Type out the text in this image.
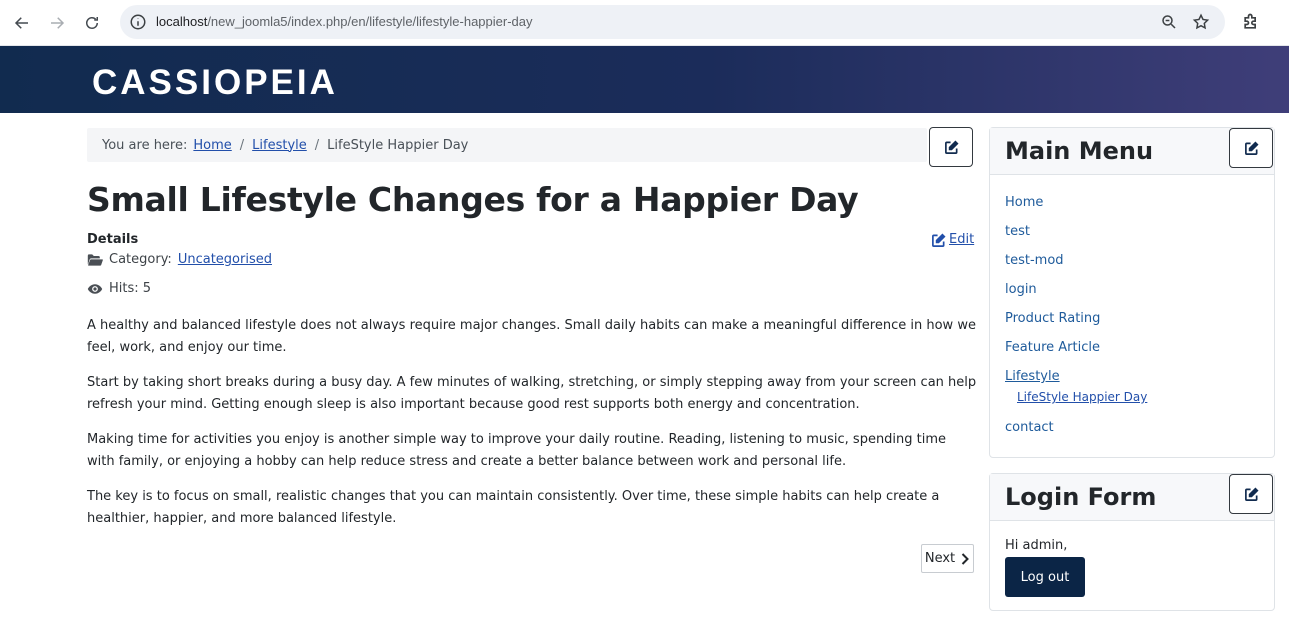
localhost/new_joomla5/index.php/en/lifestyle/lifestyle-happier-day
CASSIOPEIA
You are here: Home / Lifestyle / LifeStyle Happier Day
Small Lifestyle Changes for a Happier Day
Details	Edit
Category: Uncategorised
Hits: 5

A healthy and balanced lifestyle does not always require major changes. Small daily habits can make a meaningful difference in how we feel, work, and enjoy our time.

Start by taking short breaks during a busy day. A few minutes of walking, stretching, or simply stepping away from your screen can help refresh your mind. Getting enough sleep is also important because good rest supports both energy and concentration.

Making time for activities you enjoy is another simple way to improve your daily routine. Reading, listening to music, spending time with family, or enjoying a hobby can help reduce stress and create a better balance between work and personal life.

The key is to focus on small, realistic changes that you can maintain consistently. Over time, these simple habits can help create a healthier, happier, and more balanced lifestyle.

Next
Main Menu
Home
test
test-mod
login
Product Rating
Feature Article
Lifestyle
LifeStyle Happier Day
contact
Login Form
Hi admin,
Log out
